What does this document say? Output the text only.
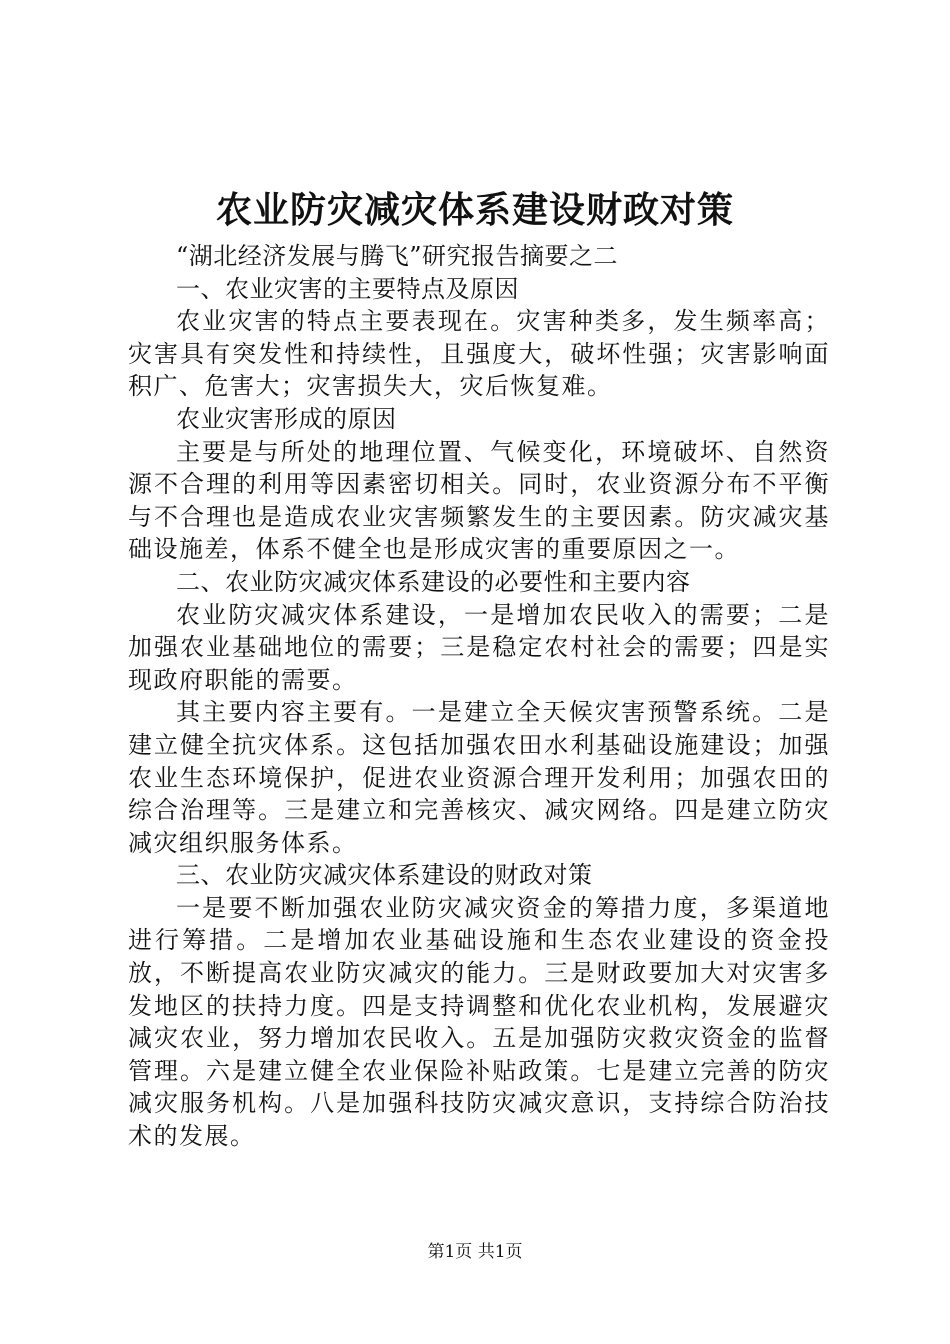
农业防灾减灾体系建设财政对策

“湖北经济发展与腾飞”研究报告摘要之二

一、农业灾害的主要特点及原因

农业灾害的特点主要表现在。灾害种类多，发生频率高；灾害具有突发性和持续性，且强度大，破坏性强；灾害影响面积广、危害大；灾害损失大，灾后恢复难。

农业灾害形成的原因

主要是与所处的地理位置、气候变化，环境破坏、自然资源不合理的利用等因素密切相关。同时，农业资源分布不平衡与不合理也是造成农业灾害频繁发生的主要因素。防灾减灾基础设施差，体系不健全也是形成灾害的重要原因之一。

二、农业防灾减灾体系建设的必要性和主要内容

农业防灾减灾体系建设，一是增加农民收入的需要；二是加强农业基础地位的需要；三是稳定农村社会的需要；四是实现政府职能的需要。

其主要内容主要有。一是建立全天候灾害预警系统。二是建立健全抗灾体系。这包括加强农田水利基础设施建设；加强农业生态环境保护，促进农业资源合理开发利用；加强农田的综合治理等。三是建立和完善核灾、减灾网络。四是建立防灾减灾组织服务体系。

三、农业防灾减灾体系建设的财政对策

一是要不断加强农业防灾减灾资金的筹措力度，多渠道地进行筹措。二是增加农业基础设施和生态农业建设的资金投放，不断提高农业防灾减灾的能力。三是财政要加大对灾害多发地区的扶持力度。四是支持调整和优化农业机构，发展避灾减灾农业，努力增加农民收入。五是加强防灾救灾资金的监督管理。六是建立健全农业保险补贴政策。七是建立完善的防灾减灾服务机构。八是加强科技防灾减灾意识，支持综合防治技术的发展。

第1页 共1页
